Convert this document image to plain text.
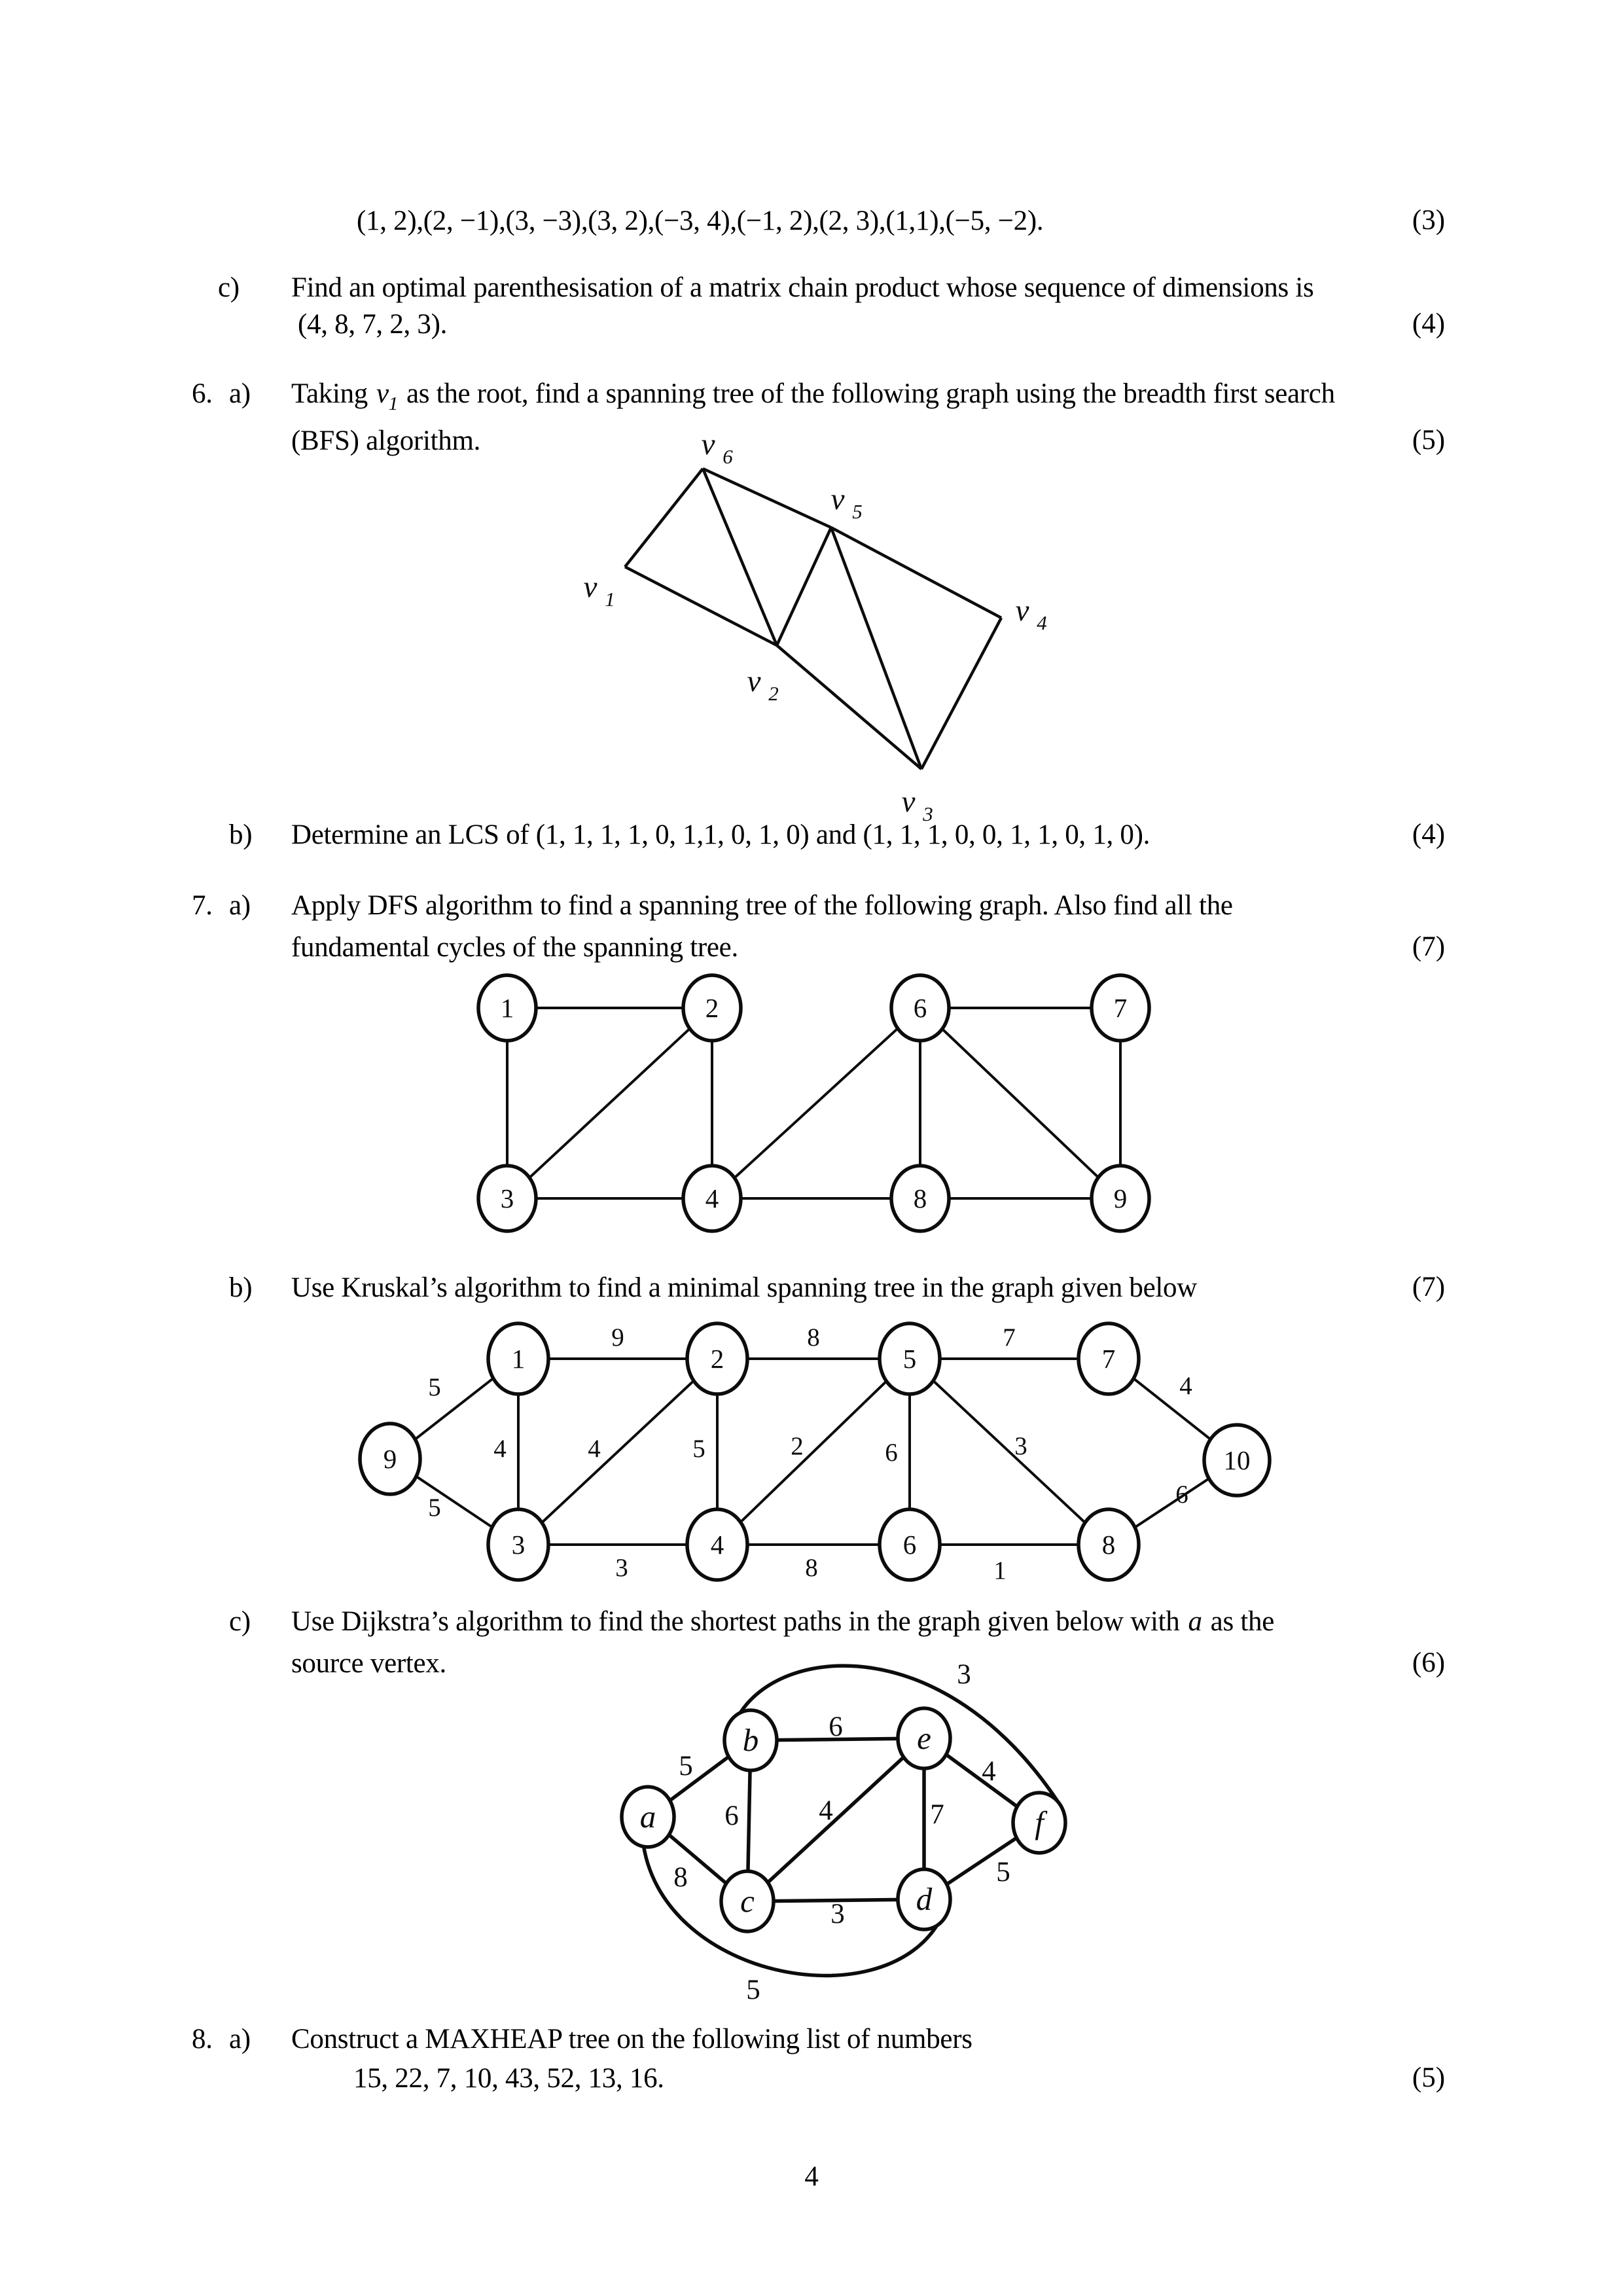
(1, 2),(2, −1),(3, −3),(3, 2),(−3, 4),(−1, 2),(2, 3),(1,1),(−5, −2).	(3)
c) Find an optimal parenthesisation of a matrix chain product whose sequence of dimensions is
(4, 8, 7, 2, 3).	(4)
6. a) Taking $v_1$ as the root, find a spanning tree of the following graph using the breadth first search
(BFS) algorithm.	(5)
b) Determine an LCS of (1, 1, 1, 1, 0, 1,1, 0, 1, 0) and (1, 1, 1, 0, 0, 1, 1, 0, 1, 0).	(4)
7. a) Apply DFS algorithm to find a spanning tree of the following graph. Also find all the
fundamental cycles of the spanning tree.	(7)
b) Use Kruskal’s algorithm to find a minimal spanning tree in the graph given below	(7)
c) Use Dijkstra’s algorithm to find the shortest paths in the graph given below with a as the
source vertex.	(6)
8. a) Construct a MAXHEAP tree on the following list of numbers
15, 22, 7, 10, 43, 52, 13, 16.	(5)
4
v 1
v 2
v 3
v 4
v 5
v 6
1	2	6	7
3	4	8	9
9
1	2	5	7
10
3	4	6	8
5
5
9
4	4
8
5
3
2
8
7
6	3
1
4
6
a
b	e
f
c	d
5
6
4
6	4	7
8
3
5
3
5
